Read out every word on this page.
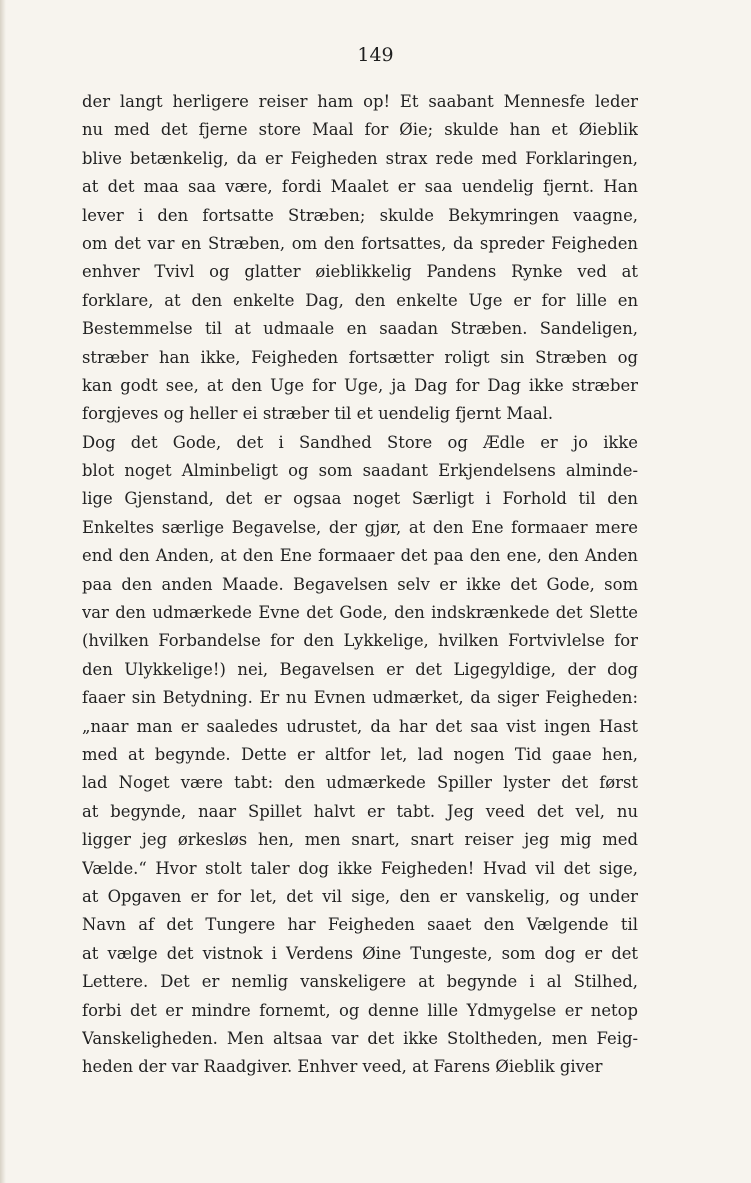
149
der langt herligere reiser ham op! Et saabant Mennesfe leder
nu med det fjerne store Maal for Øie; skulde han et Øieblik
blive betænkelig, da er Feigheden strax rede med Forklaringen,
at det maa saa være, fordi Maalet er saa uendelig fjernt. Han
lever i den fortsatte Stræben; skulde Bekymringen vaagne,
om det var en Stræben, om den fortsattes, da spreder Feigheden
enhver Tvivl og glatter øieblikkelig Pandens Rynke ved at
forklare, at den enkelte Dag, den enkelte Uge er for lille en
Bestemmelse til at udmaale en saadan Stræben. Sandeligen,
stræber han ikke, Feigheden fortsætter roligt sin Stræben og
kan godt see, at den Uge for Uge, ja Dag for Dag ikke stræber
forgjeves og heller ei stræber til et uendelig fjernt Maal.
Dog det Gode, det i Sandhed Store og Ædle er jo ikke
blot noget Alminbeligt og som saadant Erkjendelsens alminde-
lige Gjenstand, det er ogsaa noget Særligt i Forhold til den
Enkeltes særlige Begavelse, der gjør, at den Ene formaaer mere
end den Anden, at den Ene formaaer det paa den ene, den Anden
paa den anden Maade. Begavelsen selv er ikke det Gode, som
var den udmærkede Evne det Gode, den indskrænkede det Slette
(hvilken Forbandelse for den Lykkelige, hvilken Fortvivlelse for
den Ulykkelige!) nei, Begavelsen er det Ligegyldige, der dog
faaer sin Betydning. Er nu Evnen udmærket, da siger Feigheden:
„naar man er saaledes udrustet, da har det saa vist ingen Hast
med at begynde. Dette er altfor let, lad nogen Tid gaae hen,
lad Noget være tabt: den udmærkede Spiller lyster det først
at begynde, naar Spillet halvt er tabt. Jeg veed det vel, nu
ligger jeg ørkesløs hen, men snart, snart reiser jeg mig med
Vælde.“ Hvor stolt taler dog ikke Feigheden! Hvad vil det sige,
at Opgaven er for let, det vil sige, den er vanskelig, og under
Navn af det Tungere har Feigheden saaet den Vælgende til
at vælge det vistnok i Verdens Øine Tungeste, som dog er det
Lettere. Det er nemlig vanskeligere at begynde i al Stilhed,
forbi det er mindre fornemt, og denne lille Ydmygelse er netop
Vanskeligheden. Men altsaa var det ikke Stoltheden, men Feig-
heden der var Raadgiver. Enhver veed, at Farens Øieblik giver
